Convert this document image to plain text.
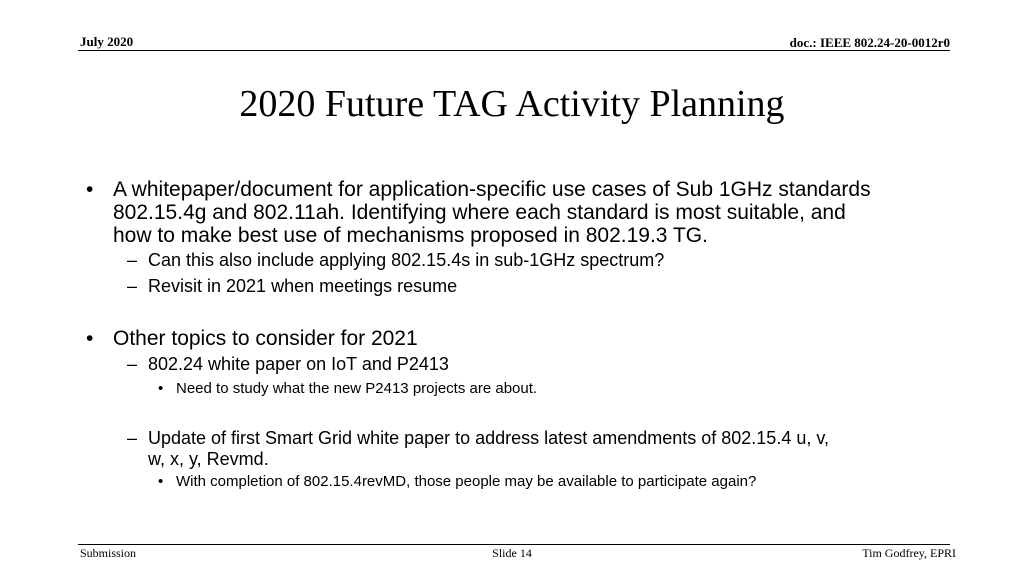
July 2020	doc.: IEEE 802.24-20-0012r0
2020 Future TAG Activity Planning
• A whitepaper/document for application-specific use cases of Sub 1GHz standards
802.15.4g and 802.11ah. Identifying where each standard is most suitable, and
how to make best use of mechanisms proposed in 802.19.3 TG.
– Can this also include applying 802.15.4s in sub-1GHz spectrum?
– Revisit in 2021 when meetings resume
• Other topics to consider for 2021
– 802.24 white paper on IoT and P2413
• Need to study what the new P2413 projects are about.
– Update of first Smart Grid white paper to address latest amendments of 802.15.4 u, v,
w, x, y, Revmd.
• With completion of 802.15.4revMD, those people may be available to participate again?
Submission	Slide 14	Tim Godfrey, EPRI
